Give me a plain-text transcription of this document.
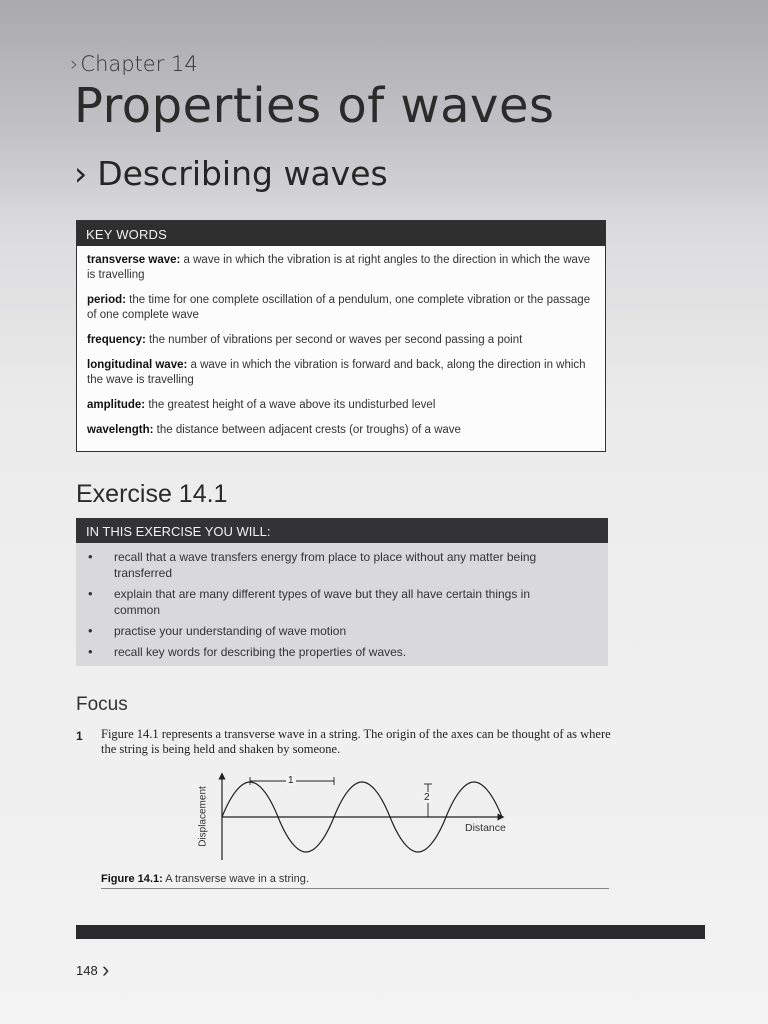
›Chapter 14
Properties of waves
› Describing waves
KEY WORDS
transverse wave: a wave in which the vibration is at right angles to the direction in which the wave is travelling
period: the time for one complete oscillation of a pendulum, one complete vibration or the passage of one complete wave
frequency: the number of vibrations per second or waves per second passing a point
longitudinal wave: a wave in which the vibration is forward and back, along the direction in which the wave is travelling
amplitude: the greatest height of a wave above its undisturbed level
wavelength: the distance between adjacent crests (or troughs) of a wave
Exercise 14.1
IN THIS EXERCISE YOU WILL:
• recall that a wave transfers energy from place to place without any matter being transferred
• explain that are many different types of wave but they all have certain things in common
• practise your understanding of wave motion
• recall key words for describing the properties of waves.
Focus
1 Figure 14.1 represents a transverse wave in a string. The origin of the axes can be thought of as where the string is being held and shaken by someone.
Displacement
1
2
Distance
Figure 14.1: A transverse wave in a string.
148 ›
